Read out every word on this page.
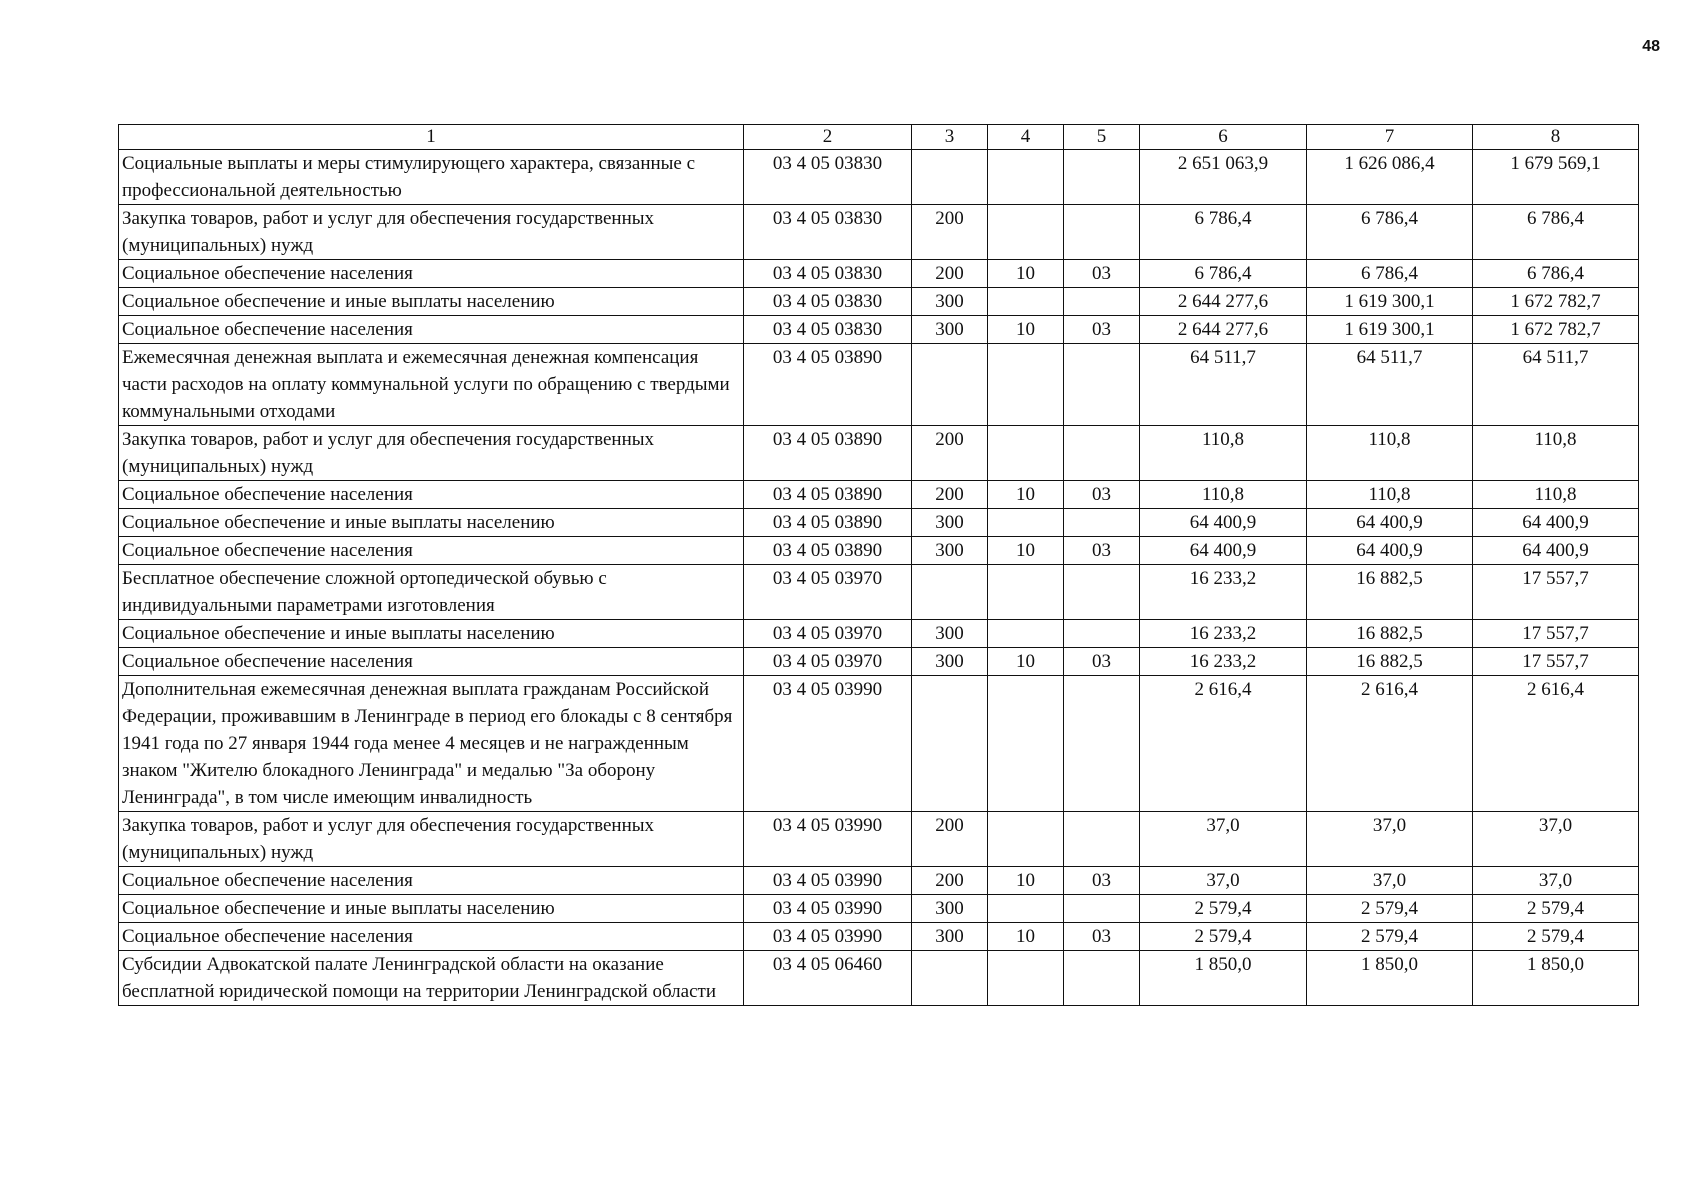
48
1	2	3	4	5	6	7	8
Социальные выплаты и меры стимулирующего характера, связанные с профессиональной деятельностью	03 4 05 03830				2 651 063,9	1 626 086,4	1 679 569,1
Закупка товаров, работ и услуг для обеспечения государственных (муниципальных) нужд	03 4 05 03830	200			6 786,4	6 786,4	6 786,4
Социальное обеспечение населения	03 4 05 03830	200	10	03	6 786,4	6 786,4	6 786,4
Социальное обеспечение и иные выплаты населению	03 4 05 03830	300			2 644 277,6	1 619 300,1	1 672 782,7
Социальное обеспечение населения	03 4 05 03830	300	10	03	2 644 277,6	1 619 300,1	1 672 782,7
Ежемесячная денежная выплата и ежемесячная денежная компенсация части расходов на оплату коммунальной услуги по обращению с твердыми коммунальными отходами	03 4 05 03890				64 511,7	64 511,7	64 511,7
Закупка товаров, работ и услуг для обеспечения государственных (муниципальных) нужд	03 4 05 03890	200			110,8	110,8	110,8
Социальное обеспечение населения	03 4 05 03890	200	10	03	110,8	110,8	110,8
Социальное обеспечение и иные выплаты населению	03 4 05 03890	300			64 400,9	64 400,9	64 400,9
Социальное обеспечение населения	03 4 05 03890	300	10	03	64 400,9	64 400,9	64 400,9
Бесплатное обеспечение сложной ортопедической обувью с индивидуальными параметрами изготовления	03 4 05 03970				16 233,2	16 882,5	17 557,7
Социальное обеспечение и иные выплаты населению	03 4 05 03970	300			16 233,2	16 882,5	17 557,7
Социальное обеспечение населения	03 4 05 03970	300	10	03	16 233,2	16 882,5	17 557,7
Дополнительная ежемесячная денежная выплата гражданам Российской Федерации, проживавшим в Ленинграде в период его блокады с 8 сентября 1941 года по 27 января 1944 года менее 4 месяцев и не награжденным знаком "Жителю блокадного Ленинграда" и медалью "За оборону Ленинграда", в том числе имеющим инвалидность	03 4 05 03990				2 616,4	2 616,4	2 616,4
Закупка товаров, работ и услуг для обеспечения государственных (муниципальных) нужд	03 4 05 03990	200			37,0	37,0	37,0
Социальное обеспечение населения	03 4 05 03990	200	10	03	37,0	37,0	37,0
Социальное обеспечение и иные выплаты населению	03 4 05 03990	300			2 579,4	2 579,4	2 579,4
Социальное обеспечение населения	03 4 05 03990	300	10	03	2 579,4	2 579,4	2 579,4
Субсидии Адвокатской палате Ленинградской области на оказание бесплатной юридической помощи на территории Ленинградской области	03 4 05 06460				1 850,0	1 850,0	1 850,0
